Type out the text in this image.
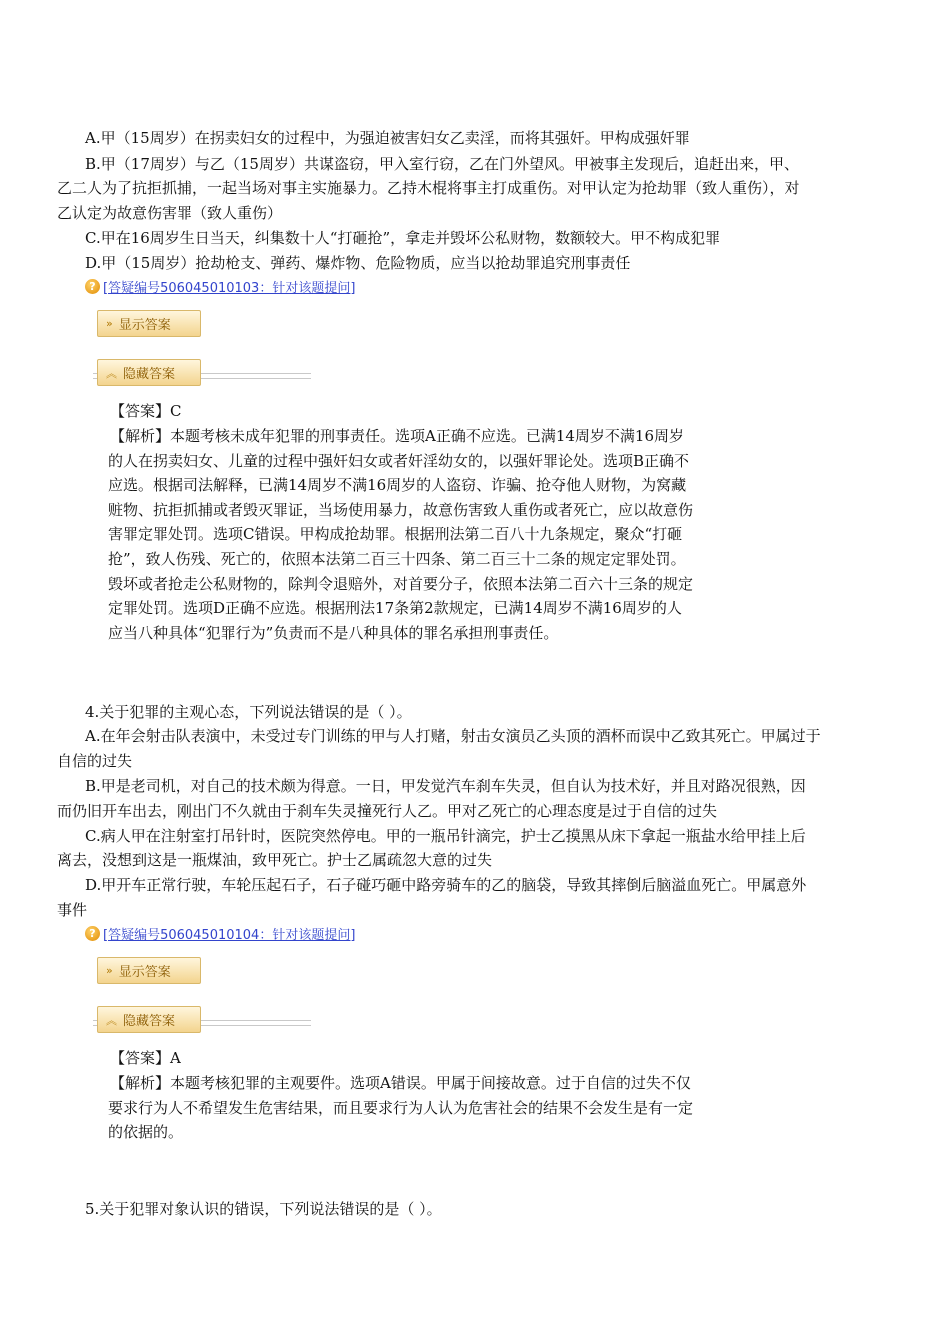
A.甲（15周岁）在拐卖妇女的过程中，为强迫被害妇女乙卖淫，而将其强奸。甲构成强奸罪
B.甲（17周岁）与乙（15周岁）共谋盗窃，甲入室行窃，乙在门外望风。甲被事主发现后，追赶出来，甲、
乙二人为了抗拒抓捕，一起当场对事主实施暴力。乙持木棍将事主打成重伤。对甲认定为抢劫罪（致人重伤），对
乙认定为故意伤害罪（致人重伤）
C.甲在16周岁生日当天，纠集数十人“打砸抢”，拿走并毁坏公私财物，数额较大。甲不构成犯罪
D.甲（15周岁）抢劫枪支、弹药、爆炸物、危险物质，应当以抢劫罪追究刑事责任
? [答疑编号506045010103：针对该题提问]
» 显示答案
︽ 隐藏答案
【答案】C
【解析】本题考核未成年犯罪的刑事责任。选项A正确不应选。已满14周岁不满16周岁
的人在拐卖妇女、儿童的过程中强奸妇女或者奸淫幼女的，以强奸罪论处。选项B正确不
应选。根据司法解释，已满14周岁不满16周岁的人盗窃、诈骗、抢夺他人财物，为窝藏
赃物、抗拒抓捕或者毁灭罪证，当场使用暴力，故意伤害致人重伤或者死亡，应以故意伤
害罪定罪处罚。选项C错误。甲构成抢劫罪。根据刑法第二百八十九条规定，聚众“打砸
抢”，致人伤残、死亡的，依照本法第二百三十四条、第二百三十二条的规定定罪处罚。
毁坏或者抢走公私财物的，除判令退赔外，对首要分子，依照本法第二百六十三条的规定
定罪处罚。选项D正确不应选。根据刑法17条第2款规定，已满14周岁不满16周岁的人
应当八种具体“犯罪行为”负责而不是八种具体的罪名承担刑事责任。
4.关于犯罪的主观心态，下列说法错误的是（ ）。
A.在年会射击队表演中，未受过专门训练的甲与人打赌，射击女演员乙头顶的酒杯而误中乙致其死亡。甲属过于
自信的过失
B.甲是老司机，对自己的技术颇为得意。一日，甲发觉汽车刹车失灵，但自认为技术好，并且对路况很熟，因
而仍旧开车出去，刚出门不久就由于刹车失灵撞死行人乙。甲对乙死亡的心理态度是过于自信的过失
C.病人甲在注射室打吊针时，医院突然停电。甲的一瓶吊针滴完，护士乙摸黑从床下拿起一瓶盐水给甲挂上后
离去，没想到这是一瓶煤油，致甲死亡。护士乙属疏忽大意的过失
D.甲开车正常行驶，车轮压起石子，石子碰巧砸中路旁骑车的乙的脑袋，导致其摔倒后脑溢血死亡。甲属意外
事件
? [答疑编号506045010104：针对该题提问]
» 显示答案
︽ 隐藏答案
【答案】A
【解析】本题考核犯罪的主观要件。选项A错误。甲属于间接故意。过于自信的过失不仅
要求行为人不希望发生危害结果，而且要求行为人认为危害社会的结果不会发生是有一定
的依据的。
5.关于犯罪对象认识的错误，下列说法错误的是（ ）。
